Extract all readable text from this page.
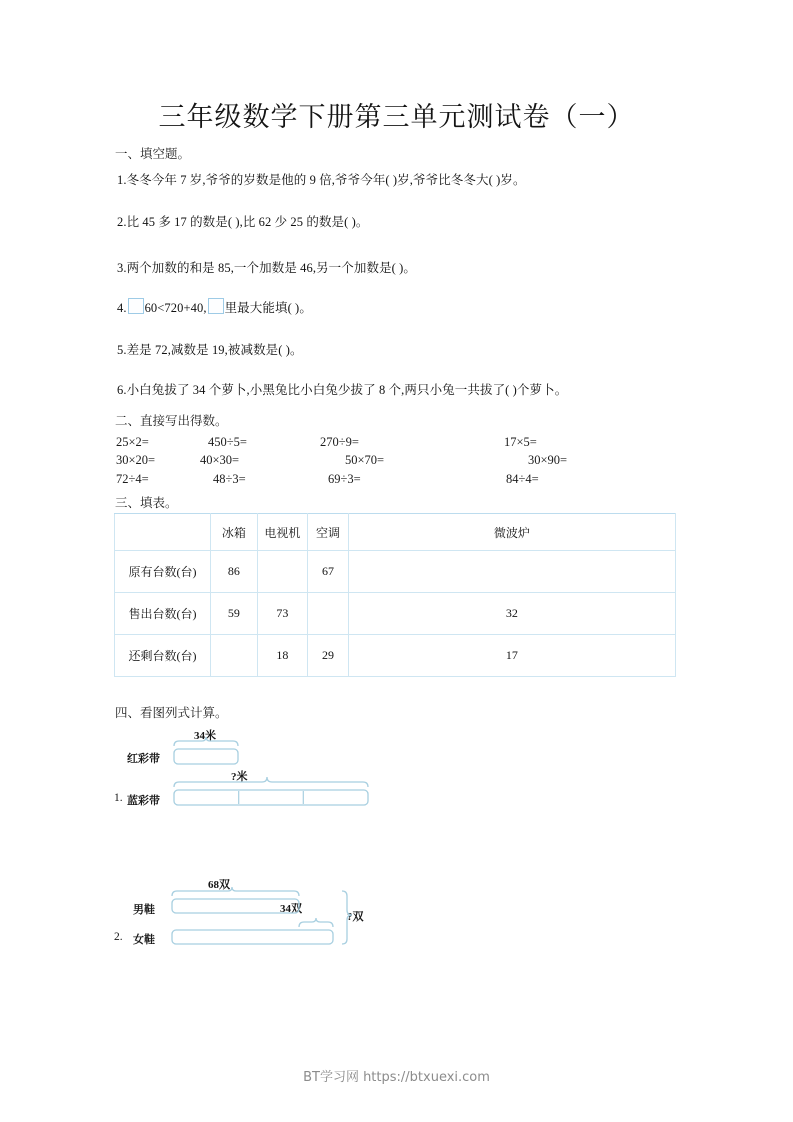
三年级数学下册第三单元测试卷（一）
一、填空题。
1.冬冬今年 7 岁,爷爷的岁数是他的 9 倍,爷爷今年( )岁,爷爷比冬冬大( )岁。
2.比 45 多 17 的数是( ),比 62 少 25 的数是( )。
3.两个加数的和是 85,一个加数是 46,另一个加数是( )。
4. 60<720+40, 里最大能填( )。
5.差是 72,减数是 19,被减数是( )。
6.小白兔拔了 34 个萝卜,小黑兔比小白兔少拔了 8 个,两只小兔一共拔了( )个萝卜。
二、直接写出得数。
25×2=	450÷5=	270÷9=	17×5=
30×20=	40×30=	50×70=	30×90=
72÷4=	48÷3=	69÷3=	84÷4=
三、填表。
	冰箱	电视机	空调	微波炉
原有台数(台)	86		67	
售出台数(台)	59	73		32
还剩台数(台)		18	29	17
四、看图列式计算。
34米
红彩带
?米
1. 蓝彩带
68双
男鞋	34双
2. 女鞋
?双
BT学习网 https://btxuexi.com
